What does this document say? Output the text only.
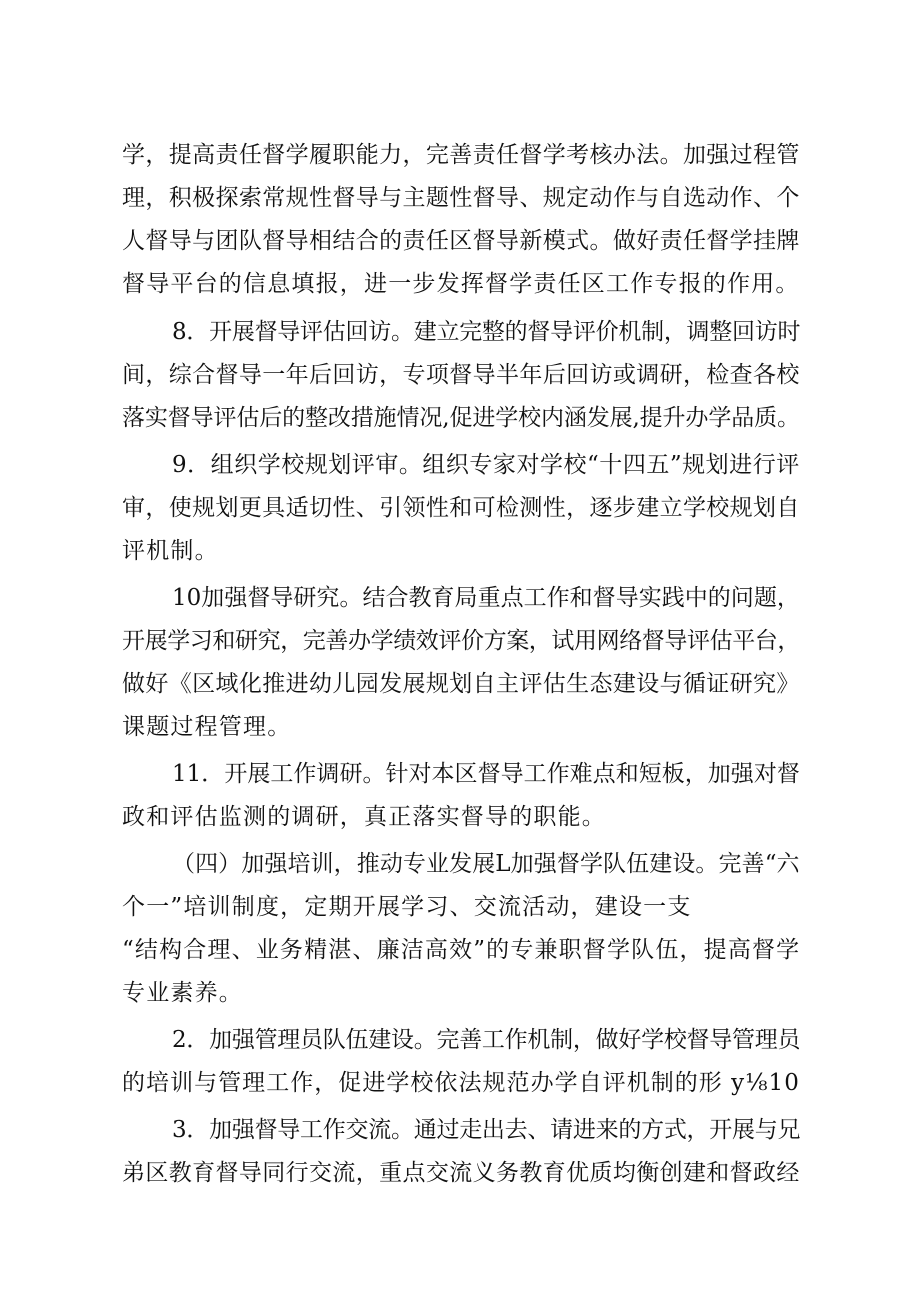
学，提高责任督学履职能力，完善责任督学考核办法。加强过程管
理，积极探索常规性督导与主题性督导、规定动作与自选动作、个
人督导与团队督导相结合的责任区督导新模式。做好责任督学挂牌
督导平台的信息填报，进一步发挥督学责任区工作专报的作用。
8．开展督导评估回访。建立完整的督导评价机制，调整回访时
间，综合督导一年后回访，专项督导半年后回访或调研，检查各校
落实督导评估后的整改措施情况,促进学校内涵发展,提升办学品质。
9．组织学校规划评审。组织专家对学校“十四五”规划进行评
审，使规划更具适切性、引领性和可检测性，逐步建立学校规划自
评机制。
10加强督导研究。结合教育局重点工作和督导实践中的问题，
开展学习和研究，完善办学绩效评价方案，试用网络督导评估平台，
做好《区域化推进幼儿园发展规划自主评估生态建设与循证研究》
课题过程管理。
11．开展工作调研。针对本区督导工作难点和短板，加强对督
政和评估监测的调研，真正落实督导的职能。
（四）加强培训，推动专业发展L加强督学队伍建设。完善“六
个一”培训制度，定期开展学习、交流活动，建设一支
“结构合理、业务精湛、廉洁高效”的专兼职督学队伍，提高督学
专业素养。
2．加强管理员队伍建设。完善工作机制，做好学校督导管理员
的培训与管理工作，促进学校依法规范办学自评机制的形 y⅛10
3．加强督导工作交流。通过走出去、请进来的方式，开展与兄
弟区教育督导同行交流，重点交流义务教育优质均衡创建和督政经
